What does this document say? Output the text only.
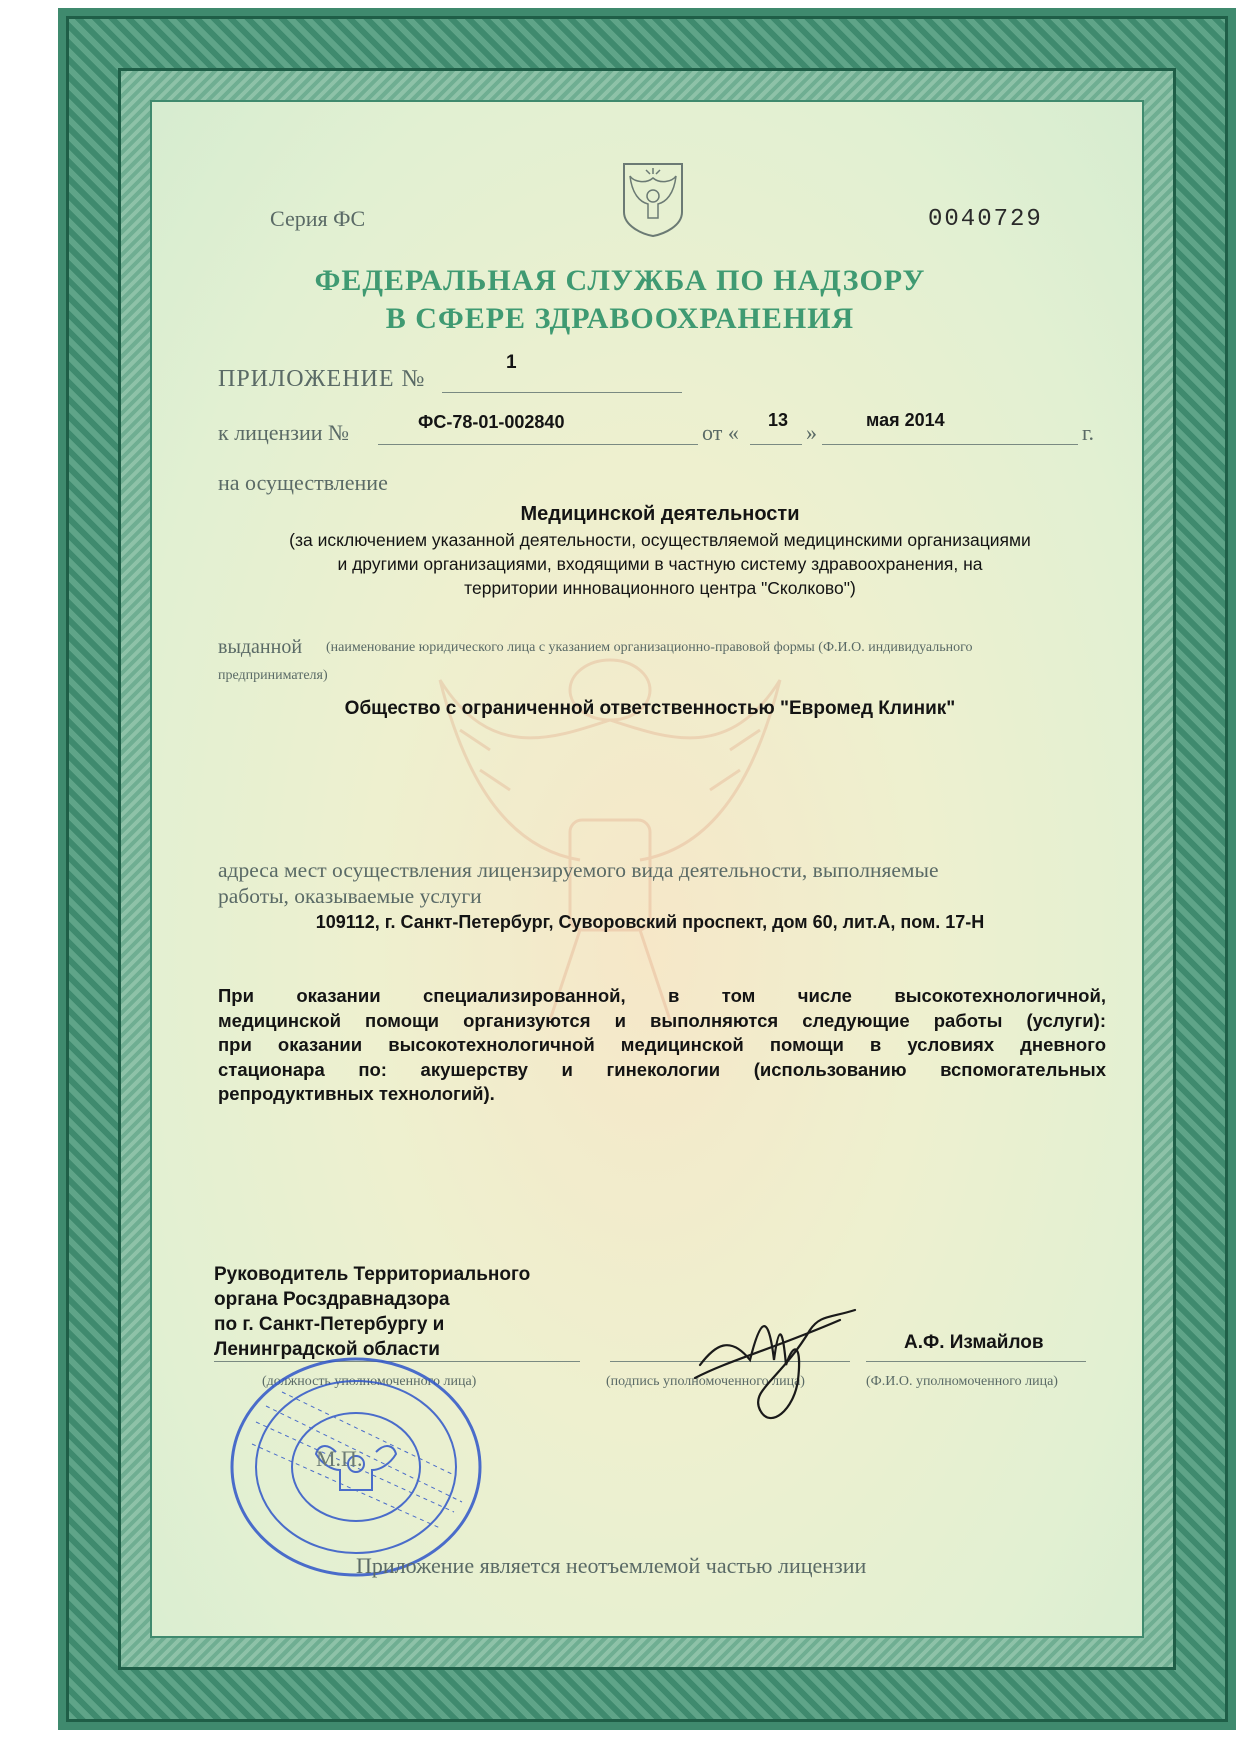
Серия ФС	0040729
ФЕДЕРАЛЬНАЯ СЛУЖБА ПО НАДЗОРУ
В СФЕРЕ ЗДРАВООХРАНЕНИЯ
ПРИЛОЖЕНИЕ №
1
к лицензии №	ФС-78-01-002840	от « 13 »	мая 2014	г.
на осуществление
Медицинской деятельности
(за исключением указанной деятельности, осуществляемой медицинскими организациями
и другими организациями, входящими в частную систему здравоохранения, на
территории инновационного центра "Сколково")
выданной (наименование юридического лица с указанием организационно-правовой формы (Ф.И.О. индивидуального
предпринимателя)
Общество с ограниченной ответственностью "Евромед Клиник"
адреса мест осуществления лицензируемого вида деятельности, выполняемые
работы, оказываемые услуги
109112, г. Санкт-Петербург, Суворовский проспект, дом 60, лит.А, пом. 17-Н
При оказании специализированной, в том числе высокотехнологичной,
медицинской помощи организуются и выполняются следующие работы (услуги):
при оказании высокотехнологичной медицинской помощи в условиях дневного
стационара по: акушерству и гинекологии (использованию вспомогательных
репродуктивных технологий).
Руководитель Территориального
органа Росздравнадзора
по г. Санкт-Петербургу и
Ленинградской области	А.Ф. Измайлов
(должность уполномоченного лица)	(подпись уполномоченного лица)	(Ф.И.О. уполномоченного лица)
М.П.
Приложение является неотъемлемой частью лицензии
